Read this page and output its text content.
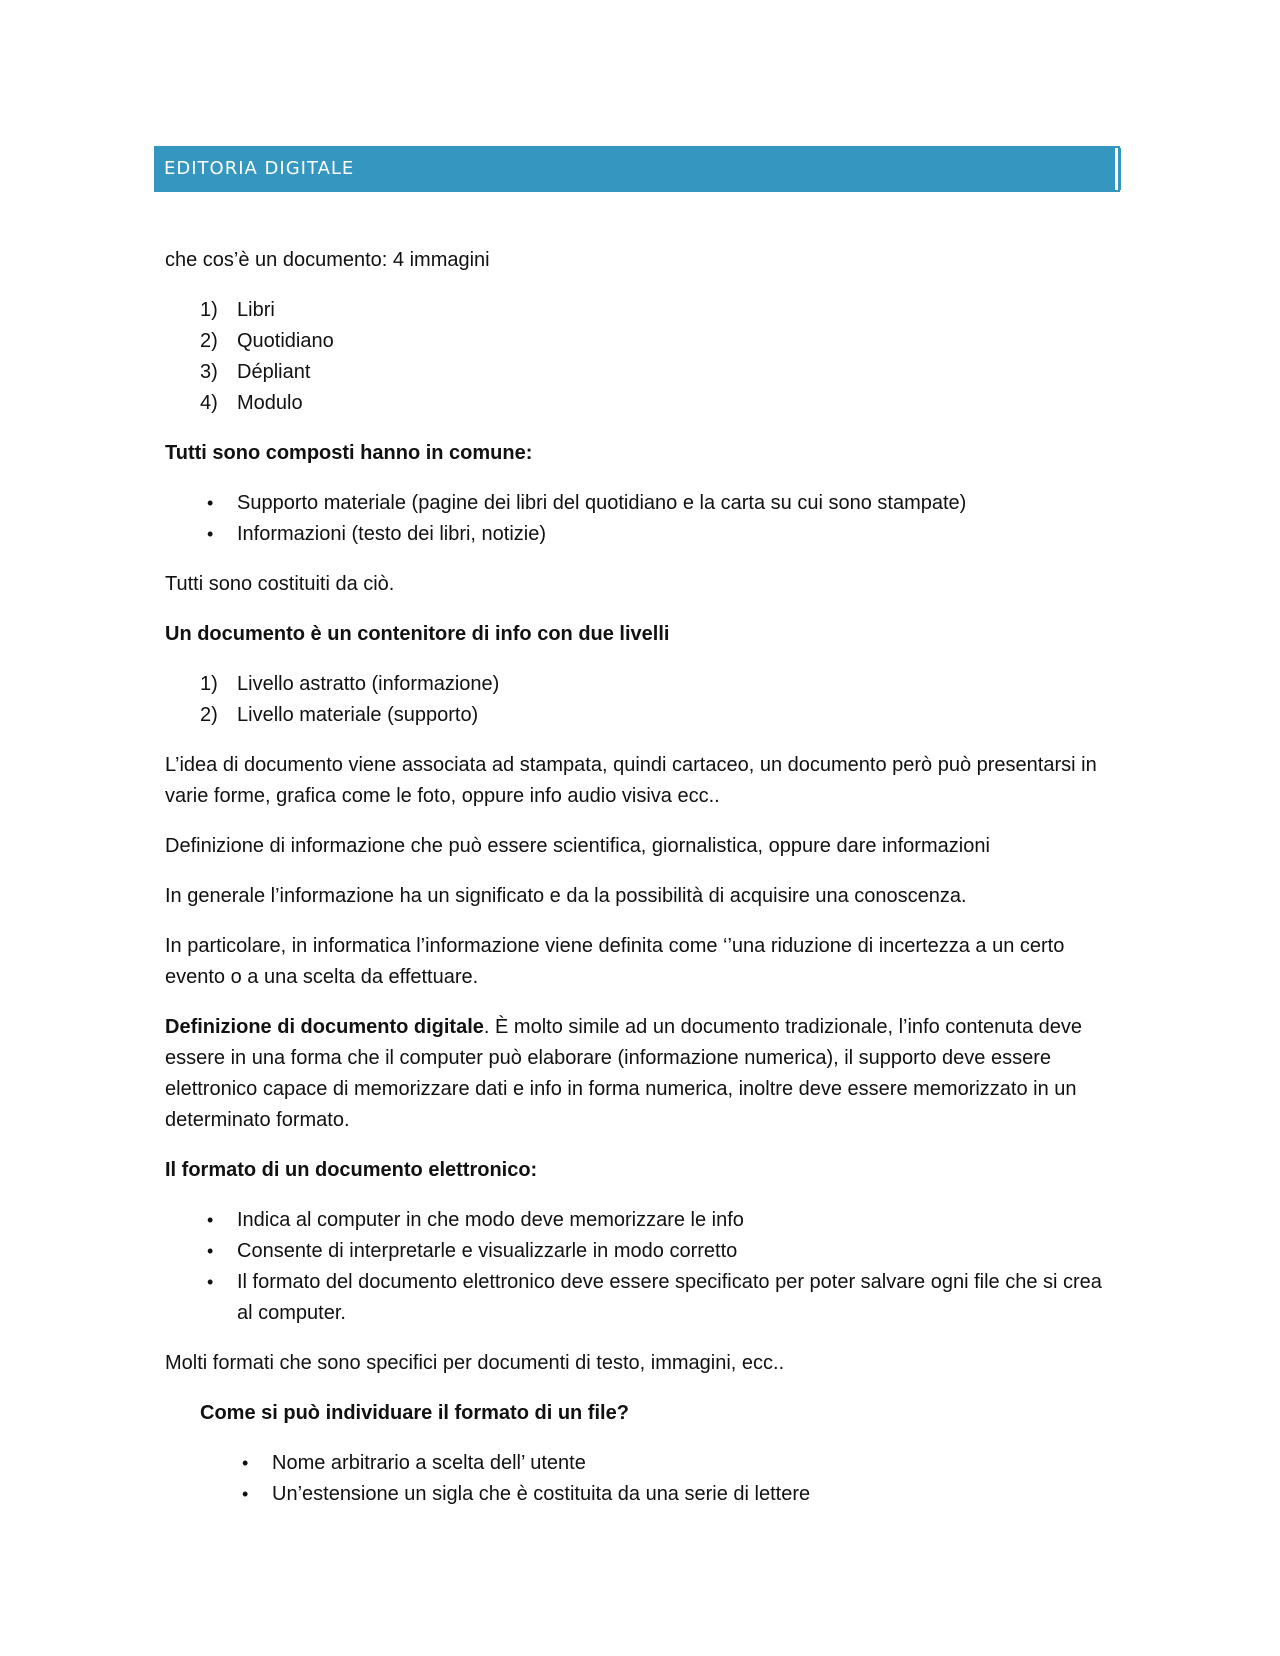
EDITORIA DIGITALE

che cos’è un documento: 4 immagini

1) Libri
2) Quotidiano
3) Dépliant
4) Modulo

Tutti sono composti hanno in comune:

• Supporto materiale (pagine dei libri del quotidiano e la carta su cui sono stampate)
• Informazioni (testo dei libri, notizie)

Tutti sono costituiti da ciò.

Un documento è un contenitore di info con due livelli

1) Livello astratto (informazione)
2) Livello materiale (supporto)

L’idea di documento viene associata ad stampata, quindi cartaceo, un documento però può presentarsi in varie forme, grafica come le foto, oppure info audio visiva ecc..

Definizione di informazione che può essere scientifica, giornalistica, oppure dare informazioni

In generale l’informazione ha un significato e da la possibilità di acquisire una conoscenza.

In particolare, in informatica l’informazione viene definita come ‘’una riduzione di incertezza a un certo evento o a una scelta da effettuare.

Definizione di documento digitale. È molto simile ad un documento tradizionale, l’info contenuta deve essere in una forma che il computer può elaborare (informazione numerica), il supporto deve essere elettronico capace di memorizzare dati e info in forma numerica, inoltre deve essere memorizzato in un determinato formato.

Il formato di un documento elettronico:

• Indica al computer in che modo deve memorizzare le info
• Consente di interpretarle e visualizzarle in modo corretto
• Il formato del documento elettronico deve essere specificato per poter salvare ogni file che si crea al computer.

Molti formati che sono specifici per documenti di testo, immagini, ecc..

Come si può individuare il formato di un file?

• Nome arbitrario a scelta dell’ utente
• Un’estensione un sigla che è costituita da una serie di lettere
